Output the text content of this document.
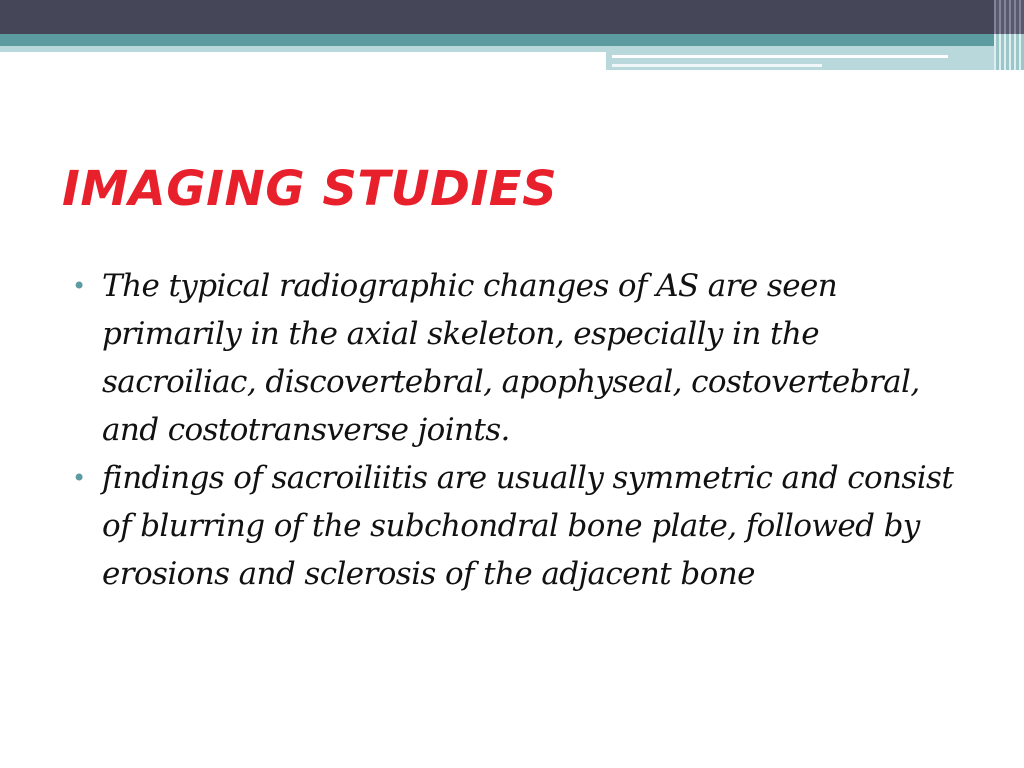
IMAGING STUDIES
• The typical radiographic changes of AS are seen primarily in the axial skeleton, especially in the sacroiliac, discovertebral, apophyseal, costovertebral, and costotransverse joints.
• findings of sacroiliitis are usually symmetric and consist of blurring of the subchondral bone plate, followed by erosions and sclerosis of the adjacent bone
